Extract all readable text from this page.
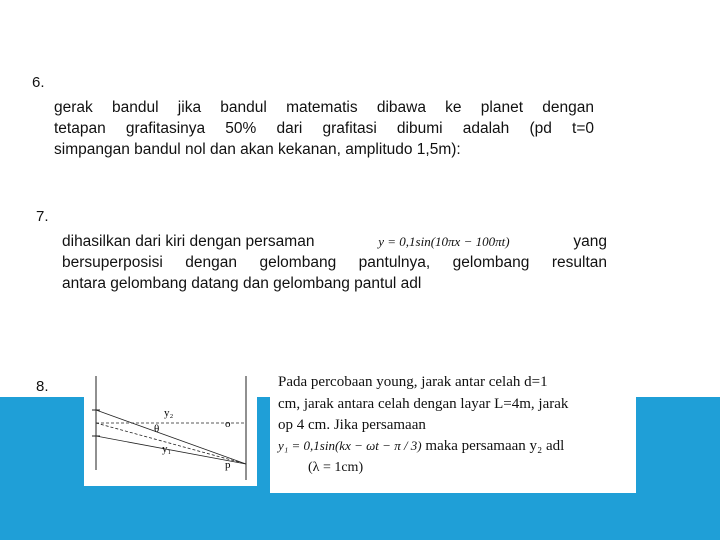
6.
gerak bandul jika bandul matematis dibawa ke planet dengan
tetapan grafitasinya 50% dari grafitasi dibumi adalah (pd t=0
simpangan bandul nol dan akan kekanan, amplitudo 1,5m):
7.
dihasilkan dari kiri dengan persaman	y = 0,1sin(10πx − 100πt)	yang
bersuperposisi dengan gelombang pantulnya, gelombang resultan
antara gelombang datang dan gelombang pantul adl
8.
y₂
θ
y₁
o
p
Pada percobaan young, jarak antar celah d=1
cm, jarak antara celah dengan layar L=4m, jarak
op 4 cm. Jika persamaan
y₁ = 0,1sin(kx − ωt − π / 3) maka persamaan y₂ adl
(λ = 1cm)
